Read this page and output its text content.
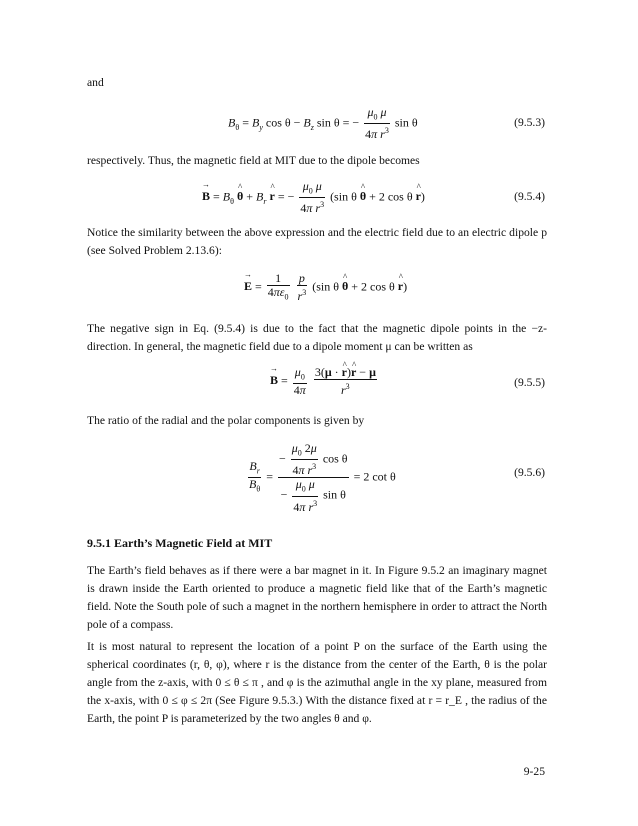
and

$B_\theta = B_y$ $\cos \theta - B_z$ sin θ = − $\frac{\mu_0 \mu}{4\pi r^3}$ sin θ	(9.5.3)

respectively. Thus, the magnetic field at MIT due to the dipole becomes

→ $B = B_\theta$ ^ $\theta + B_r$ ^ r = − $\frac{\mu_0 \mu}{4\pi r^3} (\sin$ θ ^ θ + 2 cos θ ^ r)	(9.5.4)

Notice the similarity between the above expression and the electric field due to an electric dipole p (see Solved Problem 2.13.6):

→ $E = \frac{1}{4\pi\varepsilon_0}$
$\frac{p}{r^3} (\sin$ θ ^ θ + 2 cos θ ^ r)

The negative sign in Eq. (9.5.4) is due to the fact that the magnetic dipole points in the −z-direction. In general, the magnetic field due to a dipole moment μ can be written as

→ $B = \frac{\mu_0}{4\pi}$
$\frac{3(\mu \cdot \^{} r)\^{} r - \mu}{r^3}$	(9.5.5)

The ratio of the radial and the polar components is given by

$\frac{B_r}{B_\theta} = \frac{- \frac{\mu_0 2\mu}{4\pi r^3} \cos \theta}{- \frac{\mu_0 \mu}{4\pi r^3} \sin \theta} = 2$ cot θ	(9.5.6)
9.5.1 Earth’s Magnetic Field at MIT

The Earth’s field behaves as if there were a bar magnet in it. In Figure 9.5.2 an imaginary magnet is drawn inside the Earth oriented to produce a magnetic field like that of the Earth’s magnetic field. Note the South pole of such a magnet in the northern hemisphere in order to attract the North pole of a compass.

It is most natural to represent the location of a point P on the surface of the Earth using the spherical coordinates (r, θ, φ), where r is the distance from the center of the Earth, θ is the polar angle from the z-axis, with 0 ≤ θ ≤ π , and φ is the azimuthal angle in the xy plane, measured from the x-axis, with 0 ≤ φ ≤ 2π (See Figure 9.5.3.) With the distance fixed at r = r_E , the radius of the Earth, the point P is parameterized by the two angles θ and φ.

9-25
